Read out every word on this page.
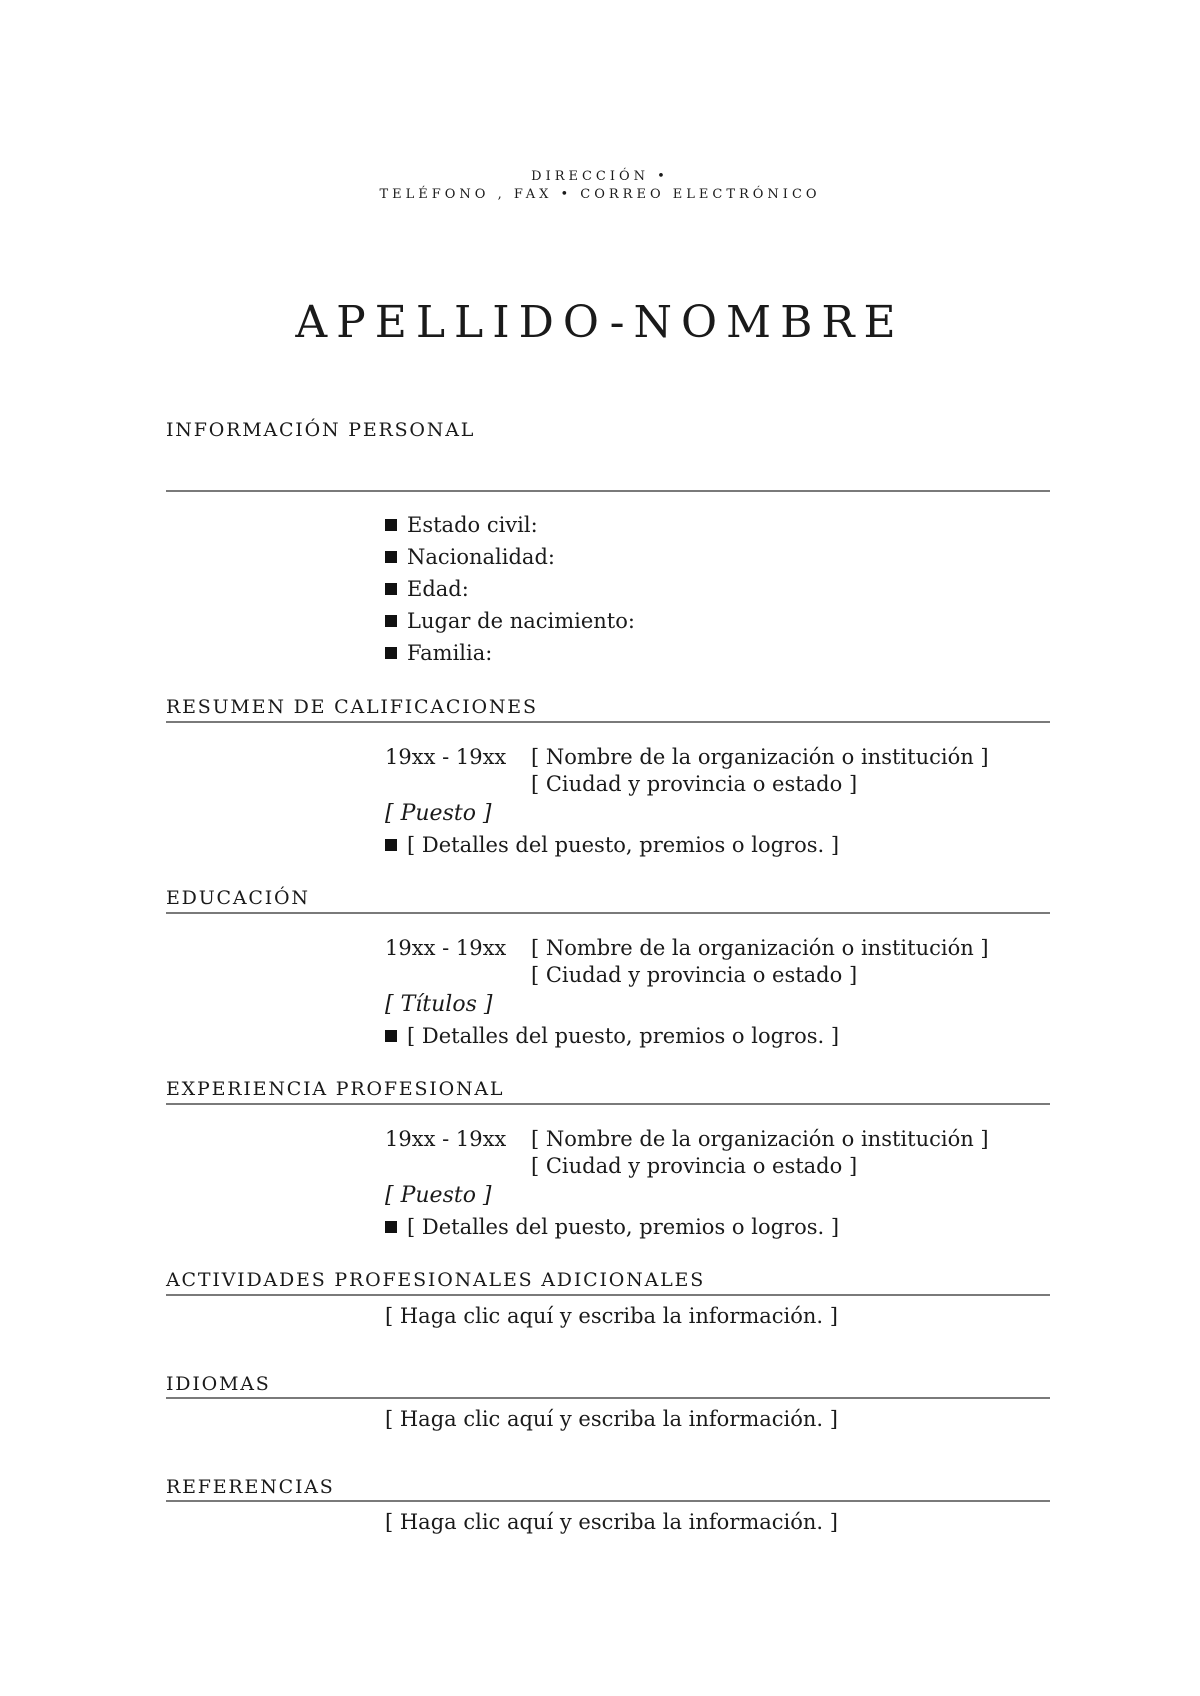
DIRECCIÓN •
TELÉFONO , FAX • CORREO ELECTRÓNICO
APELLIDO-NOMBRE
INFORMACIÓN PERSONAL
Estado civil:
Nacionalidad:
Edad:
Lugar de nacimiento:
Familia:
RESUMEN DE CALIFICACIONES
19xx - 19xx [ Nombre de la organización o institución ]
[ Ciudad y provincia o estado ]
[ Puesto ]
[ Detalles del puesto, premios o logros. ]
EDUCACIÓN
19xx - 19xx [ Nombre de la organización o institución ]
[ Ciudad y provincia o estado ]
[ Títulos ]
[ Detalles del puesto, premios o logros. ]
EXPERIENCIA PROFESIONAL
19xx - 19xx [ Nombre de la organización o institución ]
[ Ciudad y provincia o estado ]
[ Puesto ]
[ Detalles del puesto, premios o logros. ]
ACTIVIDADES PROFESIONALES ADICIONALES
[ Haga clic aquí y escriba la información. ]
IDIOMAS
[ Haga clic aquí y escriba la información. ]
REFERENCIAS
[ Haga clic aquí y escriba la información. ]
